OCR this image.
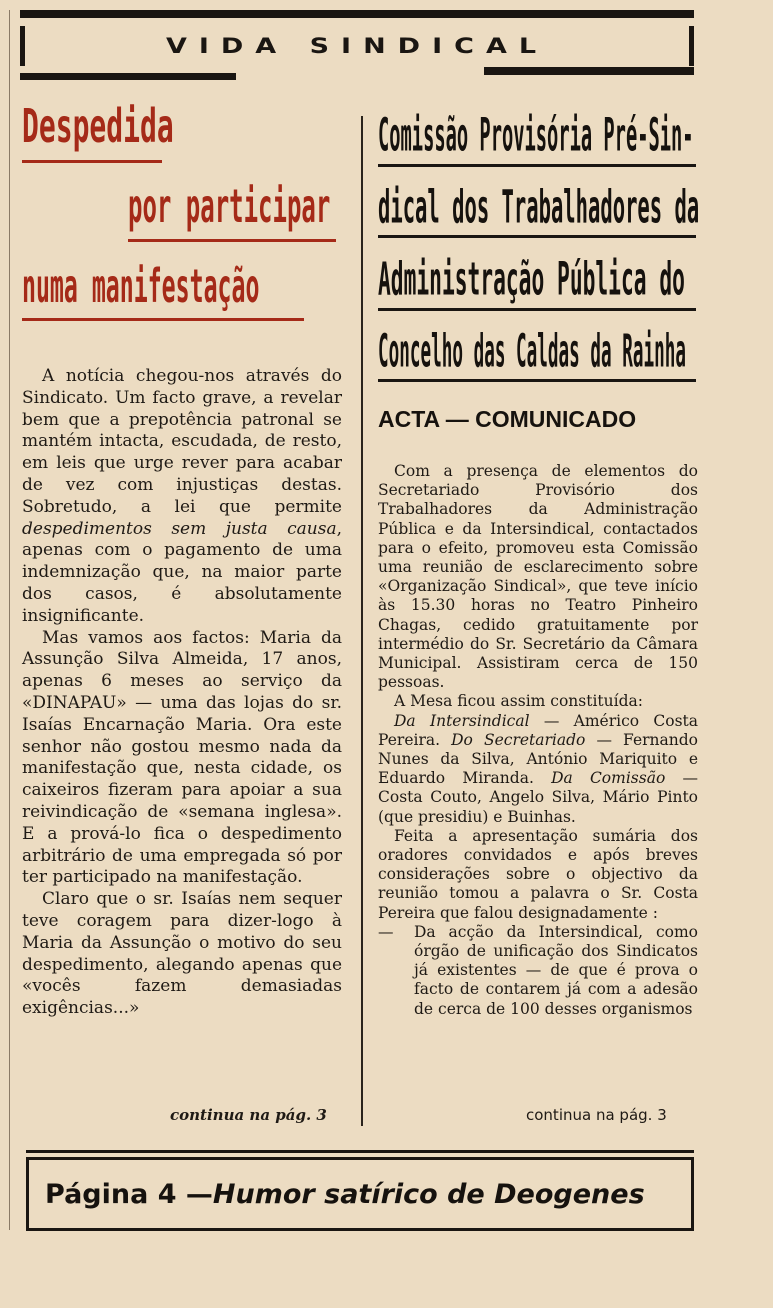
VIDA SINDICAL
Despedida
por participar
numa manifestação

A notícia chegou-nos através do Sindicato. Um facto grave, a revelar bem que a prepotência patronal se mantém intacta, escudada, de resto, em leis que urge rever para acabar de vez com injustiças destas. Sobretudo, a lei que permite despedimentos sem justa causa, apenas com o pagamento de uma indemnização que, na maior parte dos casos, é absolutamente insignificante.

Mas vamos aos factos: Maria da Assunção Silva Almeida, 17 anos, apenas 6 meses ao serviço da «DINAPAU» — uma das lojas do sr. Isaías Encarnação Maria. Ora este senhor não gostou mesmo nada da manifestação que, nesta cidade, os caixeiros fizeram para apoiar a sua reivindicação de «semana inglesa». E a prová-lo fica o despedimento arbitrário de uma empregada só por ter participado na manifestação.

Claro que o sr. Isaías nem sequer teve coragem para dizer-logo à Maria da Assunção o motivo do seu despedimento, alegando apenas que «vocês fazem demasiadas exigências...»

continua na pág. 3
Comissão Provisória Pré-Sin-
dical dos Trabalhadores da
Administração Pública do
Concelho das Caldas da Rainha
ACTA — COMUNICADO

Com a presença de elementos do Secretariado Provisório dos Trabalhadores da Administração Pública e da Intersindical, contactados para o efeito, promoveu esta Comissão uma reunião de esclarecimento sobre «Organização Sindical», que teve início às 15.30 horas no Teatro Pinheiro Chagas, cedido gratuitamente por intermédio do Sr. Secretário da Câmara Municipal. Assistiram cerca de 150 pessoas.

A Mesa ficou assim constituída:

Da Intersindical — Américo Costa Pereira. Do Secretariado — Fernando Nunes da Silva, António Mariquito e Eduardo Miranda. Da Comissão — Costa Couto, Angelo Silva, Mário Pinto (que presidiu) e Buinhas.

Feita a apresentação sumária dos oradores convidados e após breves considerações sobre o objectivo da reunião tomou a palavra o Sr. Costa Pereira que falou designadamente :

— Da acção da Intersindical, como órgão de unificação dos Sindicatos já existentes — de que é prova o facto de contarem já com a adesão de cerca de 100 desses organismos

continua na pág. 3
Página 4 — Humor satírico de Deogenes
